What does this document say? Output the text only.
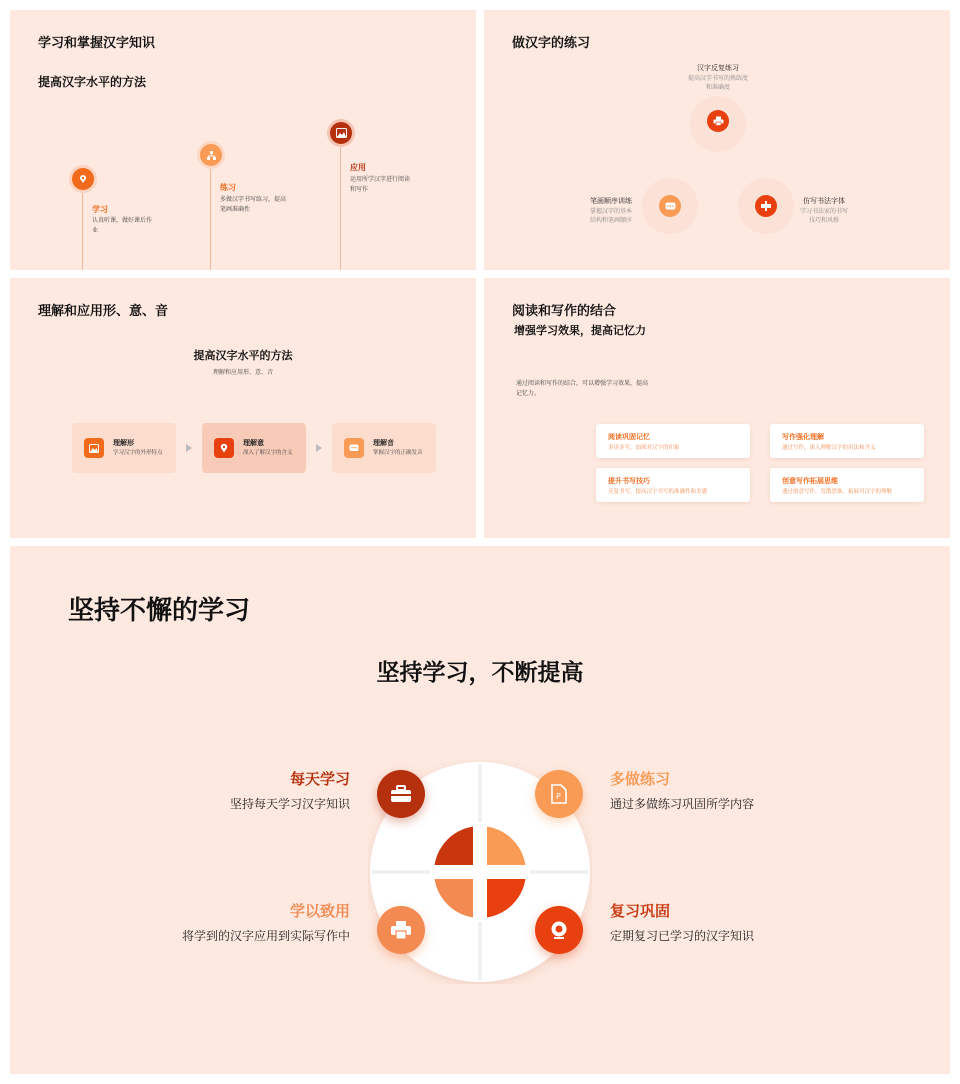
学习和掌握汉字知识
提高汉字水平的方法
学习
认真听课，做好课后作业
练习
多做汉字书写练习，提高笔画准确性
应用
运用所学汉字进行阅读和写作
做汉字的练习
汉字反复练习
提高汉字书写的熟练度和准确度
笔画顺序训练
掌握汉字的基本结构和笔画顺序
仿写书法字体
学习书法家的书写技巧和风格
理解和应用形、意、音
提高汉字水平的方法
理解和应用形、意、音
理解形
学习汉字的外形特点
理解意
深入了解汉字的含义
理解音
掌握汉字的正确发音
阅读和写作的结合
增强学习效果，提高记忆力
通过阅读和写作的结合，可以增强学习效果，提高记忆力。
阅读巩固记忆
多读多写，加深对汉字的印象
写作强化理解
通过写作，深入理解汉字的用法和含义
提升书写技巧
反复书写，提高汉字书写的准确性和美感
创意写作拓展思维
通过创意写作，发散思维，拓展对汉字的理解
坚持不懈的学习
坚持学习，不断提高
P
每天学习
坚持每天学习汉字知识
多做练习
通过多做练习巩固所学内容
学以致用
将学到的汉字应用到实际写作中
复习巩固
定期复习已学习的汉字知识
